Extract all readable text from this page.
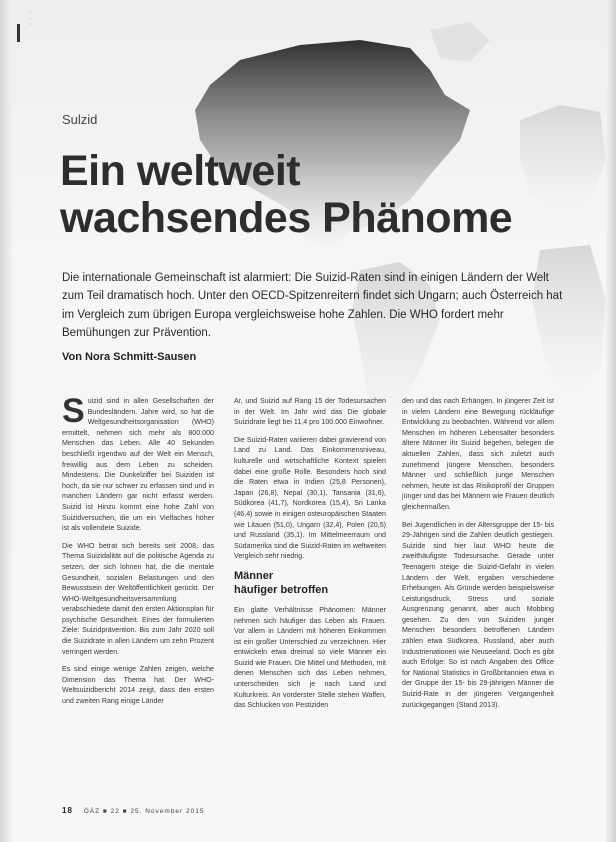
·
·
·
Sulzid
Ein weltweit
wachsendes Phänome
Die internationale Gemeinschaft ist alarmiert: Die Suizid-Raten sind in einigen Ländern der Welt zum Teil dramatisch hoch. Unter den OECD-Spitzenreitern findet sich Ungarn; auch Österreich hat im Vergleich zum übrigen Europa vergleichsweise hohe Zahlen. Die WHO fordert mehr Bemühungen zur Prävention.
Von Nora Schmitt-Sausen

Suizid sind in allen Gesellschaften der Bundesländern. Jahre wird, so hat die Weltgesundheitsorganisation (WHO) ermittelt, nehmen sich mehr als 800.000 Menschen das Leben. Alle 40 Sekunden beschließt irgendwo auf der Welt ein Mensch, freiwillig aus dem Leben zu scheiden. Mindestens. Die Dunkelziffer bei Suiziden ist hoch, da sie nur schwer zu erfassen sind und in manchen Ländern gar nicht erfasst werden. Suizid ist Hinzu kommt eine hohe Zahl von Suizidversuchen, die um ein Vielfaches höher ist als vollendete Suizide.

Die WHO betrat sich bereits seit 2008, das Thema Suizidalität auf die politische Agenda zu setzen, der sich lohnen hat, die die mentale Gesundheit, sozialen Belastungen und den Bewusstsein der Weltöffentlichkeit gerückt. Der WHO-Weltgesundheitsversammlung verabschiedete damit den ersten Aktionsplan für psychische Gesundheit. Eines der formulierten Ziele: Suizidprävention. Bis zum Jahr 2020 soll die Suizidrate in allen Ländern um zehn Prozent verringert werden.

Es sind einige wenige Zahlen zeigen, welche Dimension das Thema hat. Der WHO-Weltsuizidbericht 2014 zeigt, dass den ersten und zweiten Rang einige Länder

Ar, und Suizid auf Rang 15 der Todesursachen in der Welt. Im Jahr wird das Die globale Suizidrate liegt bei 11,4 pro 100.000 Einwohner.

Die Suizid-Raten variieren dabei gravierend von Land zu Land. Das Einkommensniveau, kulturelle und wirtschaftliche Kontext spielen dabei eine große Rolle. Besonders hoch sind die Raten etwa in Indien (25,8 Personen), Japan (26,8), Nepal (30,1), Tansania (31,6), Südkorea (41,7), Nordkorea (15,4), Sri Lanka (46,4) sowie in einigen osteuropäischen Staaten wie Litauen (51,0), Ungarn (32,4), Polen (20,5) und Russland (35,1). Im Mittelmeerraum und Südamerika sind die Suizid-Raten im weltweiten Vergleich sehr niedrig.

Männer
häufiger betroffen

Ein glatte Verhältnisse Phänomen: Männer nehmen sich häufiger das Leben als Frauen. Vor allem in Ländern mit höheren Einkommen ist ein großer Unterschied zu verzeichnen. Hier entwickeln etwa dreimal so viele Männer ein Suizid wie Frauen. Die Mittel und Methoden, mit denen Menschen sich das Leben nehmen, unterscheiden sich je nach Land und Kulturkreis. An vorderster Stelle stehen Waffen, das Schlucken von Pestiziden

den und das nach Erhängen. In jüngerer Zeit ist in vielen Ländern eine Bewegung rückläufige Entwicklung zu beobachten. Während vor allem Menschen im höheren Lebensalter besonders ältere Männer ihr Suizid begehen, belegen die aktuellen Zahlen, dass sich zuletzt auch zunehmend jüngere Menschen, besonders Männer und schließlich junge Menschen nehmen, heute ist das Risikoprofil der Gruppen jünger und das bei Männern wie Frauen deutlich gleichermaßen.

Bei Jugendlichen in der Altersgruppe der 15- bis 29-Jährigen sind die Zahlen deutlich gestiegen. Suizide sind hier laut WHO heute die zweithäufigste Todesursache. Gerade unter Teenagern steige die Suizid-Gefahr in vielen Ländern der Welt, ergaben verschiedene Erhebungen. Als Gründe werden beispielsweise Leistungsdruck, Stress und soziale Ausgrenzung genannt, aber auch Mobbing gesehen. Zu den von Suiziden junger Menschen besonders betroffenen Ländern zählen etwa Südkorea, Russland, aber auch Industrienationen wie Neuseeland. Doch es gibt auch Erfolge: So ist nach Angaben des Office for National Statistics in Großbritannien etwa in der Gruppe der 15- bis 29-jährigen Männer die Suizid-Rate in der jüngeren Vergangenheit zurückgegangen (Stand 2013).

18 ÖÄZ ■ 22 ■ 25. November 2015
